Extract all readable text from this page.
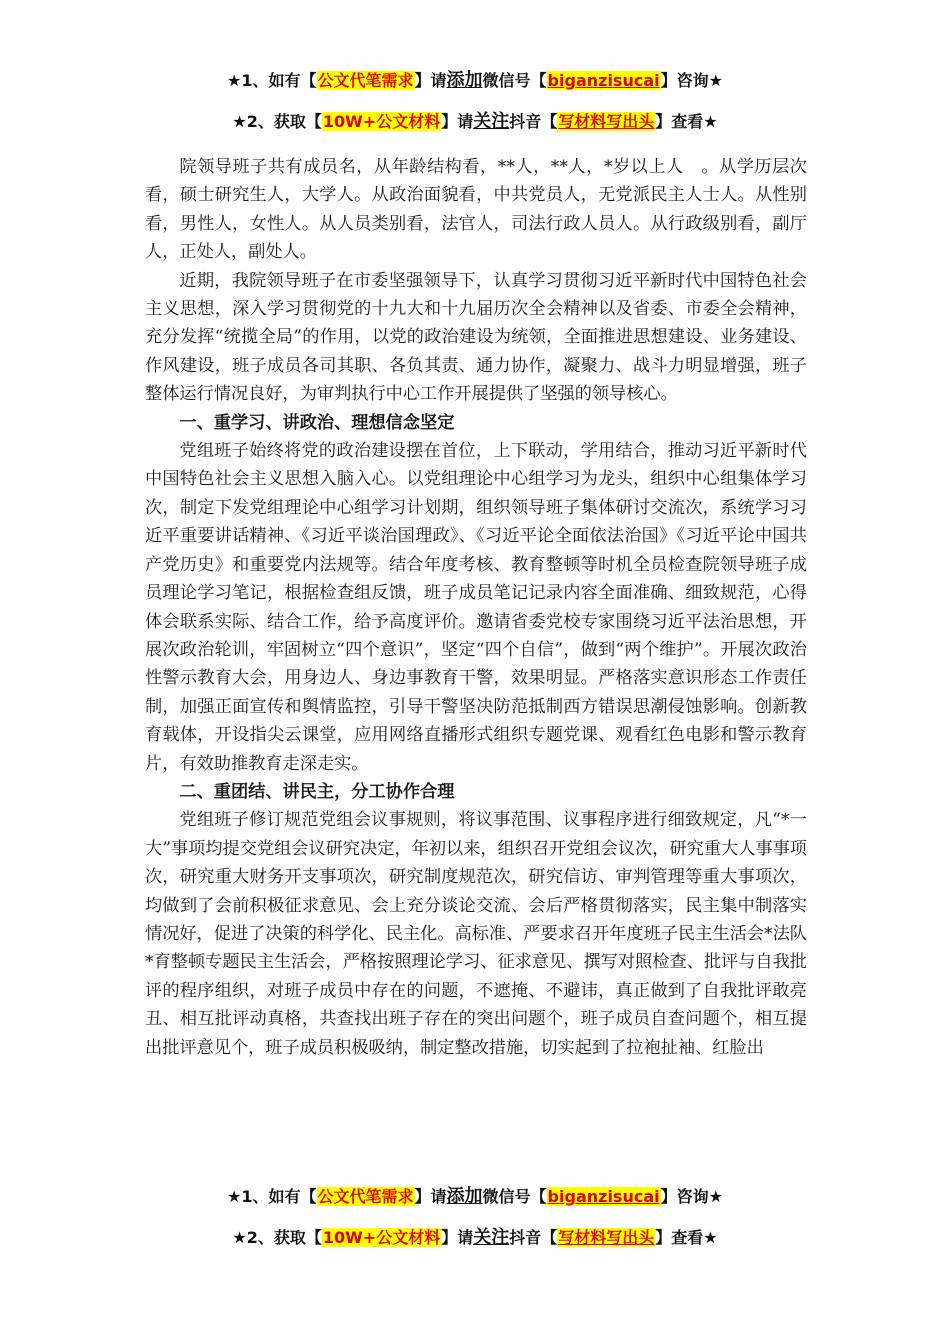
★1、如有【公文代笔需求】请添加微信号【biganzisucai】咨询★
★2、获取【10W+公文材料】请关注抖音【写材料写出头】查看★

院领导班子共有成员名，从年龄结构看，**人，**人，*岁以上人　。从学历层次看，硕士研究生人，大学人。从政治面貌看，中共党员人，无党派民主人士人。从性别看，男性人，女性人。从人员类别看，法官人，司法行政人员人。从行政级别看，副厅人，正处人，副处人。

近期，我院领导班子在市委坚强领导下，认真学习贯彻习近平新时代中国特色社会主义思想，深入学习贯彻党的十九大和十九届历次全会精神以及省委、市委全会精神，充分发挥“统揽全局”的作用，以党的政治建设为统领，全面推进思想建设、业务建设、作风建设，班子成员各司其职、各负其责、通力协作，凝聚力、战斗力明显增强，班子整体运行情况良好，为审判执行中心工作开展提供了坚强的领导核心。

一、重学习、讲政治、理想信念坚定

党组班子始终将党的政治建设摆在首位，上下联动，学用结合，推动习近平新时代中国特色社会主义思想入脑入心。以党组理论中心组学习为龙头，组织中心组集体学习次，制定下发党组理论中心组学习计划期，组织领导班子集体研讨交流次，系统学习习近平重要讲话精神、《习近平谈治国理政》、《习近平论全面依法治国》《习近平论中国共产党历史》和重要党内法规等。结合年度考核、教育整顿等时机全员检查院领导班子成员理论学习笔记，根据检查组反馈，班子成员笔记记录内容全面准确、细致规范，心得体会联系实际、结合工作，给予高度评价。邀请省委党校专家围绕习近平法治思想，开展次政治轮训，牢固树立“四个意识”，坚定“四个自信”，做到“两个维护”。开展次政治性警示教育大会，用身边人、身边事教育干警，效果明显。严格落实意识形态工作责任制，加强正面宣传和舆情监控，引导干警坚决防范抵制西方错误思潮侵蚀影响。创新教育载体，开设指尖云课堂，应用网络直播形式组织专题党课、观看红色电影和警示教育片，有效助推教育走深走实。

二、重团结、讲民主，分工协作合理

党组班子修订规范党组会议事规则，将议事范围、议事程序进行细致规定，凡“*一大”事项均提交党组会议研究决定，年初以来，组织召开党组会议次，研究重大人事事项次，研究重大财务开支事项次，研究制度规范次，研究信访、审判管理等重大事项次，均做到了会前积极征求意见、会上充分谈论交流、会后严格贯彻落实，民主集中制落实情况好，促进了决策的科学化、民主化。高标准、严要求召开年度班子民主生活会*法队*育整顿专题民主生活会，严格按照理论学习、征求意见、撰写对照检查、批评与自我批评的程序组织，对班子成员中存在的问题，不遮掩、不避讳，真正做到了自我批评敢亮丑、相互批评动真格，共查找出班子存在的突出问题个，班子成员自查问题个，相互提出批评意见个，班子成员积极吸纳，制定整改措施，切实起到了拉袍扯袖、红脸出

★1、如有【公文代笔需求】请添加微信号【biganzisucai】咨询★
★2、获取【10W+公文材料】请关注抖音【写材料写出头】查看★
